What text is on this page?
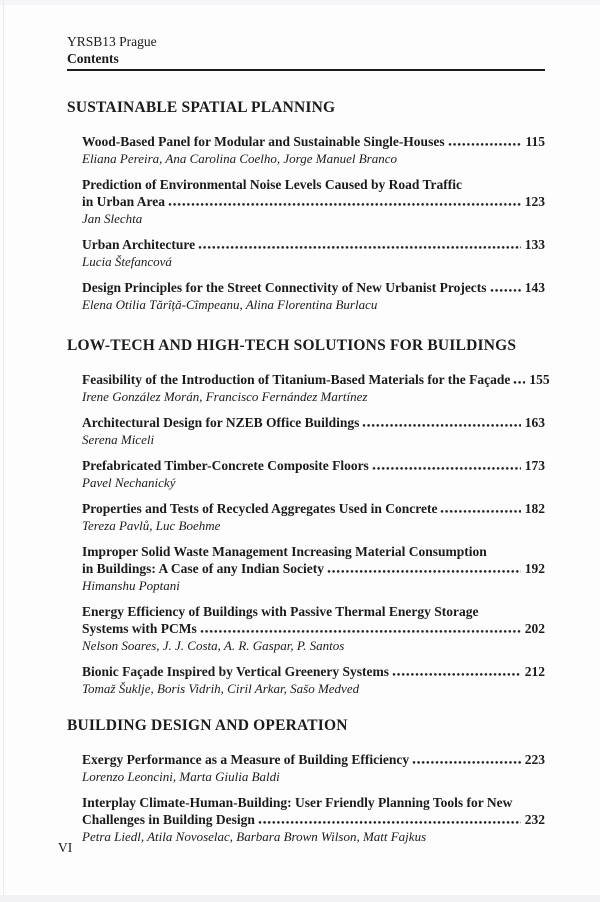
YRSB13 Prague
Contents
SUSTAINABLE SPATIAL PLANNING
Wood-Based Panel for Modular and Sustainable Single-Houses	115
Eliana Pereira, Ana Carolina Coelho, Jorge Manuel Branco
Prediction of Environmental Noise Levels Caused by Road Traffic
in Urban Area	123
Jan Slechta
Urban Architecture	133
Lucia Štefancová
Design Principles for the Street Connectivity of New Urbanist Projects	143
Elena Otilia Tărîță-Cîmpeanu, Alina Florentina Burlacu
LOW-TECH AND HIGH-TECH SOLUTIONS FOR BUILDINGS
Feasibility of the Introduction of Titanium-Based Materials for the Façade 155
Irene González Morán, Francisco Fernández Martínez
Architectural Design for NZEB Office Buildings	163
Serena Miceli
Prefabricated Timber-Concrete Composite Floors	173
Pavel Nechanický
Properties and Tests of Recycled Aggregates Used in Concrete	182
Tereza Pavlů, Luc Boehme
Improper Solid Waste Management Increasing Material Consumption
in Buildings: A Case of any Indian Society	192
Himanshu Poptani
Energy Efficiency of Buildings with Passive Thermal Energy Storage
Systems with PCMs	202
Nelson Soares, J. J. Costa, A. R. Gaspar, P. Santos
Bionic Façade Inspired by Vertical Greenery Systems	212
Tomaž Šuklje, Boris Vidrih, Ciril Arkar, Sašo Medved
BUILDING DESIGN AND OPERATION
Exergy Performance as a Measure of Building Efficiency	223
Lorenzo Leoncini, Marta Giulia Baldi
Interplay Climate-Human-Building: User Friendly Planning Tools for New
Challenges in Building Design	232
Petra Liedl, Atila Novoselac, Barbara Brown Wilson, Matt Fajkus
VI
